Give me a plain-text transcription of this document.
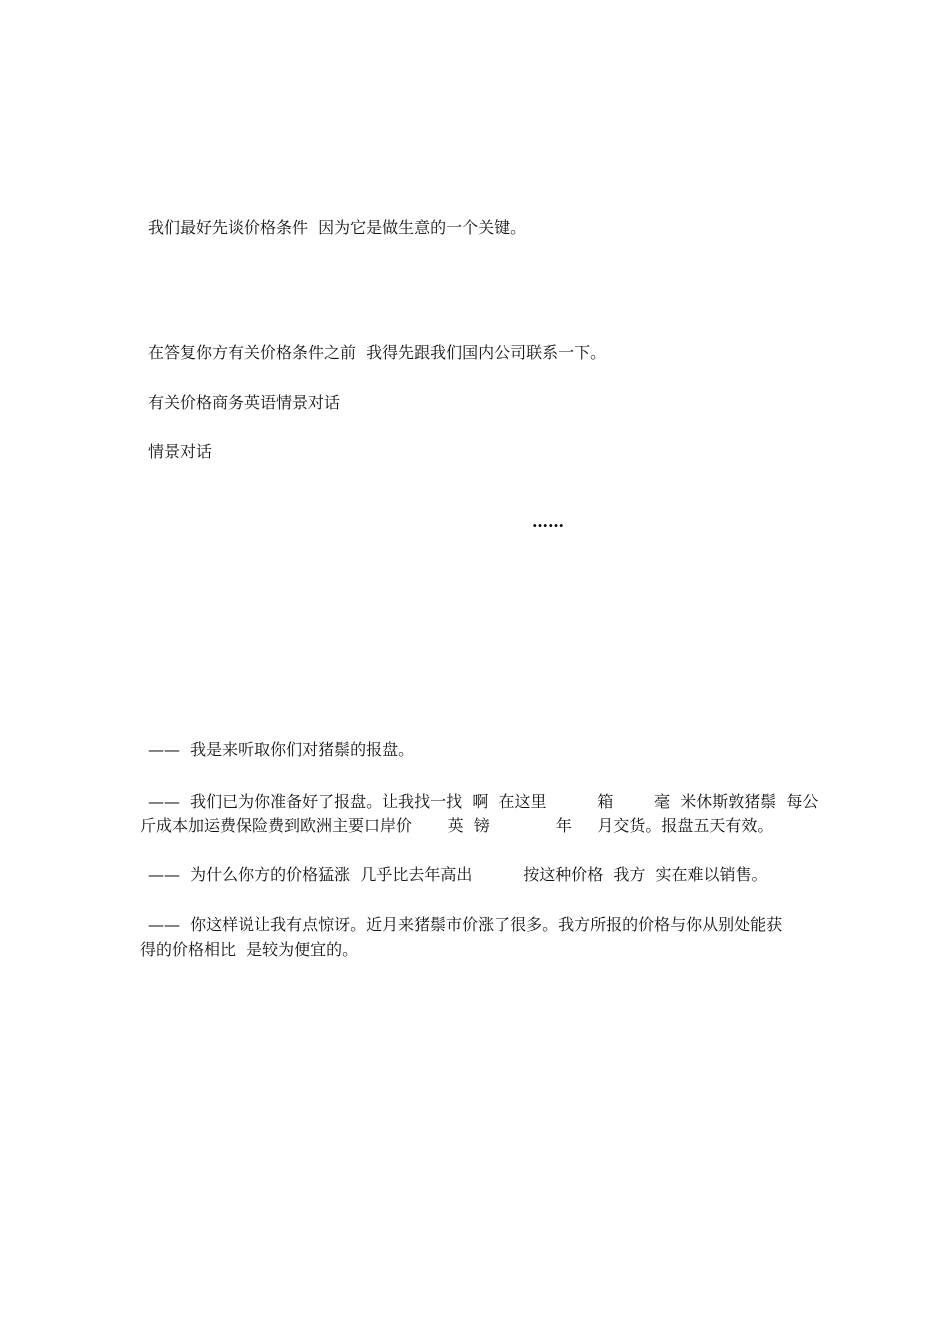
我们最好先谈价格条件  因为它是做生意的一个关键。

在答复你方有关价格条件之前  我得先跟我们国内公司联系一下。

有关价格商务英语情景对话

情景对话

……

——  我是来听取你们对猪鬃的报盘。

——  我们已为你准备好了报盘。让我找一找  啊  在这里          箱        毫  米休斯敦猪鬃  每公

斤成本加运费保险费到欧洲主要口岸价       英  镑             年     月交货。报盘五天有效。

——  为什么你方的价格猛涨  几乎比去年高出          按这种价格  我方  实在难以销售。

——  你这样说让我有点惊讶。近月来猪鬃市价涨了很多。我方所报的价格与你从别处能获

得的价格相比  是较为便宜的。
